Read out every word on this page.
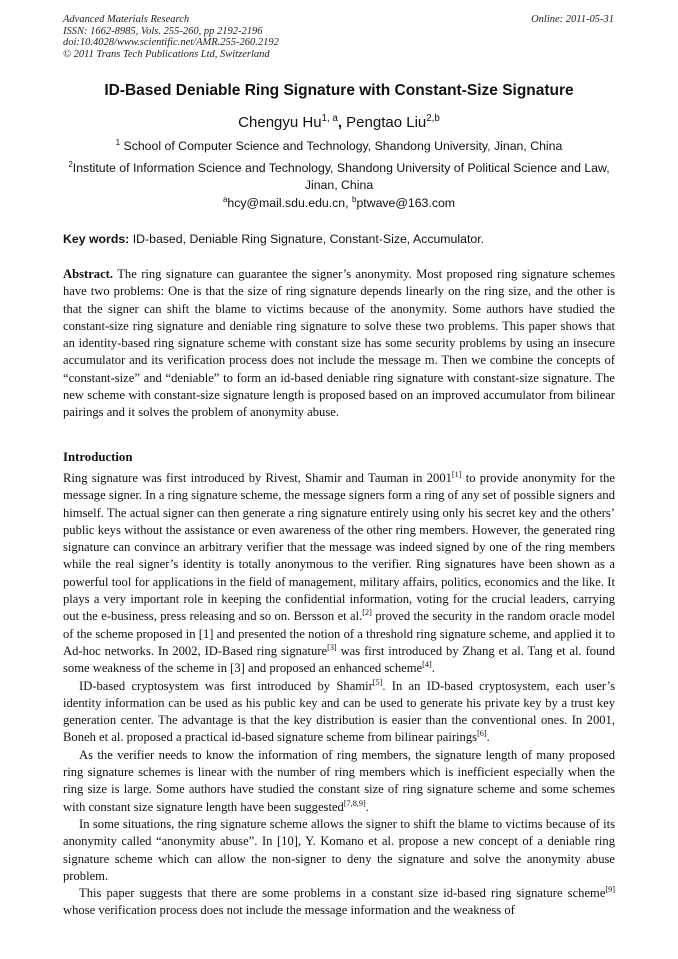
Advanced Materials Research
ISSN: 1662-8985, Vols. 255-260, pp 2192-2196
doi:10.4028/www.scientific.net/AMR.255-260.2192
© 2011 Trans Tech Publications Ltd, Switzerland
Online: 2011-05-31
ID-Based Deniable Ring Signature with Constant-Size Signature
Chengyu Hu$^{1, a}$, Pengtao Liu$^{2,b}$
$^1$ School of Computer Science and Technology, Shandong University, Jinan, China
$^2$Institute of Information Science and Technology, Shandong University of Political Science and Law, Jinan, China
$^a$hcy@mail.sdu.edu.cn, $^b$ptwave@163.com
Key words: ID-based, Deniable Ring Signature, Constant-Size, Accumulator.
Abstract. The ring signature can guarantee the signer’s anonymity. Most proposed ring signature schemes have two problems: One is that the size of ring signature depends linearly on the ring size, and the other is that the signer can shift the blame to victims because of the anonymity. Some authors have studied the constant-size ring signature and deniable ring signature to solve these two problems. This paper shows that an identity-based ring signature scheme with constant size has some security problems by using an insecure accumulator and its verification process does not include the message m. Then we combine the concepts of “constant-size” and “deniable” to form an id-based deniable ring signature with constant-size signature. The new scheme with constant-size signature length is proposed based on an improved accumulator from bilinear pairings and it solves the problem of anonymity abuse.
Introduction

Ring signature was first introduced by Rivest, Shamir and Tauman in 2001[1] to provide anonymity for the message signer. In a ring signature scheme, the message signers form a ring of any set of possible signers and himself. The actual signer can then generate a ring signature entirely using only his secret key and the others’ public keys without the assistance or even awareness of the other ring members. However, the generated ring signature can convince an arbitrary verifier that the message was indeed signed by one of the ring members while the real signer’s identity is totally anonymous to the verifier. Ring signatures have been shown as a powerful tool for applications in the field of management, military affairs, politics, economics and the like. It plays a very important role in keeping the confidential information, voting for the crucial leaders, carrying out the e-business, press releasing and so on. Bersson et al.[2] proved the security in the random oracle model of the scheme proposed in [1] and presented the notion of a threshold ring signature scheme, and applied it to Ad-hoc networks. In 2002, ID-Based ring signature[3] was first introduced by Zhang et al. Tang et al. found some weakness of the scheme in [3] and proposed an enhanced scheme[4].

ID-based cryptosystem was first introduced by Shamir[5]. In an ID-based cryptosystem, each user’s identity information can be used as his public key and can be used to generate his private key by a trust key generation center. The advantage is that the key distribution is easier than the conventional ones. In 2001, Boneh et al. proposed a practical id-based signature scheme from bilinear pairings[6].

As the verifier needs to know the information of ring members, the signature length of many proposed ring signature schemes is linear with the number of ring members which is inefficient especially when the ring size is large. Some authors have studied the constant size of ring signature scheme and some schemes with constant size signature length have been suggested[7,8,9].

In some situations, the ring signature scheme allows the signer to shift the blame to victims because of its anonymity called “anonymity abuse”. In [10], Y. Komano et al. propose a new concept of a deniable ring signature scheme which can allow the non-signer to deny the signature and solve the anonymity abuse problem.

This paper suggests that there are some problems in a constant size id-based ring signature scheme[9] whose verification process does not include the message information and the weakness of
